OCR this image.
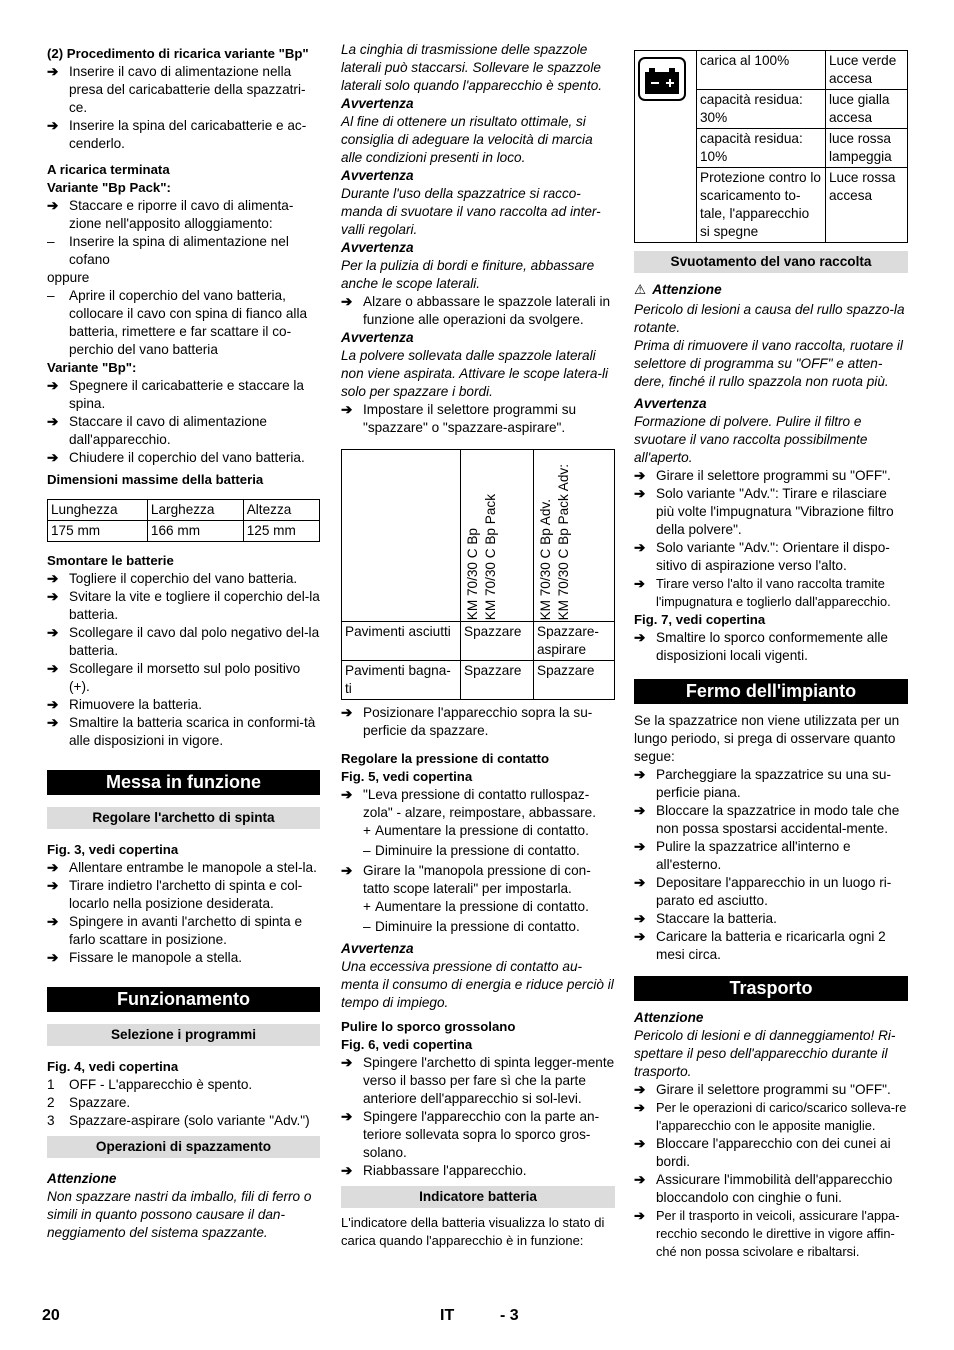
(2) Procedimento di ricarica variante "Bp"

➔ Inserire il cavo di alimentazione nella presa del caricabatterie della spazzatri-ce.
➔ Inserire la spina del caricabatterie e ac-cenderlo.

A ricarica terminata

Variante "Bp Pack":

➔ Staccare e riporre il cavo di alimenta-zione nell'apposito alloggiamento:
–	Inserire la spina di alimentazione nel cofano

oppure

–	Aprire il coperchio del vano batteria, collocare il cavo con spina di fianco alla batteria, rimettere e far scattare il co-perchio del vano batteria

Variante "Bp":

➔ Spegnere il caricabatterie e staccare la spina.
➔ Staccare il cavo di alimentazione dall'apparecchio.
➔ Chiudere il coperchio del vano batteria.

Dimensioni massime della batteria

Lunghezza	Larghezza	Altezza
175 mm	166 mm	125 mm

Smontare le batterie

➔ Togliere il coperchio del vano batteria.
➔ Svitare la vite e togliere il coperchio del-la batteria.
➔ Scollegare il cavo dal polo negativo del-la batteria.
➔ Scollegare il morsetto sul polo positivo (+).
➔ Rimuovere la batteria.
➔ Smaltire la batteria scarica in conformi-tà alle disposizioni in vigore.
Messa in funzione
Regolare l'archetto di spinta

Fig. 3, vedi copertina

➔ Allentare entrambe le manopole a stel-la.
➔ Tirare indietro l'archetto di spinta e col-locarlo nella posizione desiderata.
➔ Spingere in avanti l'archetto di spinta e farlo scattare in posizione.
➔ Fissare le manopole a stella.
Funzionamento
Selezione i programmi

Fig. 4, vedi copertina

1	OFF - L'apparecchio è spento.
2	Spazzare.
3	Spazzare-aspirare (solo variante "Adv.")
Operazioni di spazzamento

Attenzione

Non spazzare nastri da imballo, fili di ferro o simili in quanto possono causare il dan-neggiamento del sistema spazzante.

La cinghia di trasmissione delle spazzole laterali può staccarsi. Sollevare le spazzole laterali solo quando l'apparecchio è spento.

Avvertenza

Al fine di ottenere un risultato ottimale, si consiglia di adeguare la velocità di marcia alle condizioni presenti in loco.

Avvertenza

Durante l'uso della spazzatrice si racco-manda di svuotare il vano raccolta ad inter-valli regolari.

Avvertenza

Per la pulizia di bordi e finiture, abbassare anche le scope laterali.

➔ Alzare o abbassare le spazzole laterali in funzione alle operazioni da svolgere.

Avvertenza

La polvere sollevata dalle spazzole laterali non viene aspirata. Attivare le scope latera-li solo per spazzare i bordi.

➔ Impostare il selettore programmi su "spazzare" o "spazzare-aspirare".

	KM 70/30 C Bp KM 70/30 C Bp Pack	KM 70/30 C Bp Adv. KM 70/30 C Bp Pack Adv:

Pavimenti asciutti	Spazzare	Spazzare-aspirare
Pavimenti bagna-ti	Spazzare	Spazzare
➔ Posizionare l'apparecchio sopra la su-perficie da spazzare.

Regolare la pressione di contatto

Fig. 5, vedi copertina

➔ "Leva pressione di contatto rullospaz-zola" - alzare, reimpostare, abbassare.
+ Aumentare la pressione di contatto.
– Diminuire la pressione di contatto.
➔ Girare la "manopola pressione di con-tatto scope laterali" per impostarla.
+ Aumentare la pressione di contatto.
– Diminuire la pressione di contatto.

Avvertenza

Una eccessiva pressione di contatto au-menta il consumo di energia e riduce perciò il tempo di impiego.

Pulire lo sporco grossolano

Fig. 6, vedi copertina

➔ Spingere l'archetto di spinta legger-mente verso il basso per fare sì che la parte anteriore dell'apparecchio si sol-levi.
➔ Spingere l'apparecchio con la parte an-teriore sollevata sopra lo sporco gros-solano.
➔ Riabbassare l'apparecchio.
Indicatore batteria

L'indicatore della batteria visualizza lo stato di carica quando l'apparecchio è in funzione:

	carica al 100%	Luce verde accesa
	capacità residua: 30%	luce gialla accesa
	capacità residua: 10%	luce rossa lampeggia
	Protezione contro lo scaricamento to-tale, l'apparecchio si spegne	Luce rossa accesa
Svuotamento del vano raccolta

⚠ Attenzione

Pericolo di lesioni a causa del rullo spazzo-la rotante.

Prima di rimuovere il vano raccolta, ruotare il selettore di programma su "OFF" e atten-dere, finché il rullo spazzola non ruota più.

Avvertenza

Formazione di polvere. Pulire il filtro e svuotare il vano raccolta possibilmente all'aperto.

➔ Girare il selettore programmi su "OFF".
➔ Solo variante "Adv.": Tirare e rilasciare più volte l'impugnatura "Vibrazione filtro della polvere".
➔ Solo variante "Adv.": Orientare il dispo-sitivo di aspirazione verso l'alto.
➔ Tirare verso l'alto il vano raccolta tramite l'impugnatura e toglierlo dall'apparecchio.

Fig. 7, vedi copertina

➔ Smaltire lo sporco conformemente alle disposizioni locali vigenti.
Fermo dell'impianto

Se la spazzatrice non viene utilizzata per un lungo periodo, si prega di osservare quanto segue:

➔ Parcheggiare la spazzatrice su una su-perficie piana.
➔ Bloccare la spazzatrice in modo tale che non possa spostarsi accidental-mente.
➔ Pulire la spazzatrice all'interno e all'esterno.
➔ Depositare l'apparecchio in un luogo ri-parato ed asciutto.
➔ Staccare la batteria.
➔ Caricare la batteria e ricaricarla ogni 2 mesi circa.
Trasporto

Attenzione

Pericolo di lesioni e di danneggiamento! Ri-spettare il peso dell'apparecchio durante il trasporto.

➔ Girare il selettore programmi su "OFF".
➔ Per le operazioni di carico/scarico solleva-re l'apparecchio con le apposite maniglie.
➔ Bloccare l'apparecchio con dei cunei ai bordi.
➔ Assicurare l'immobilità dell'apparecchio bloccandolo con cinghie o funi.
➔ Per il trasporto in veicoli, assicurare l'appa-recchio secondo le direttive in vigore affin-ché non possa scivolare e ribaltarsi.
20	IT	- 3
